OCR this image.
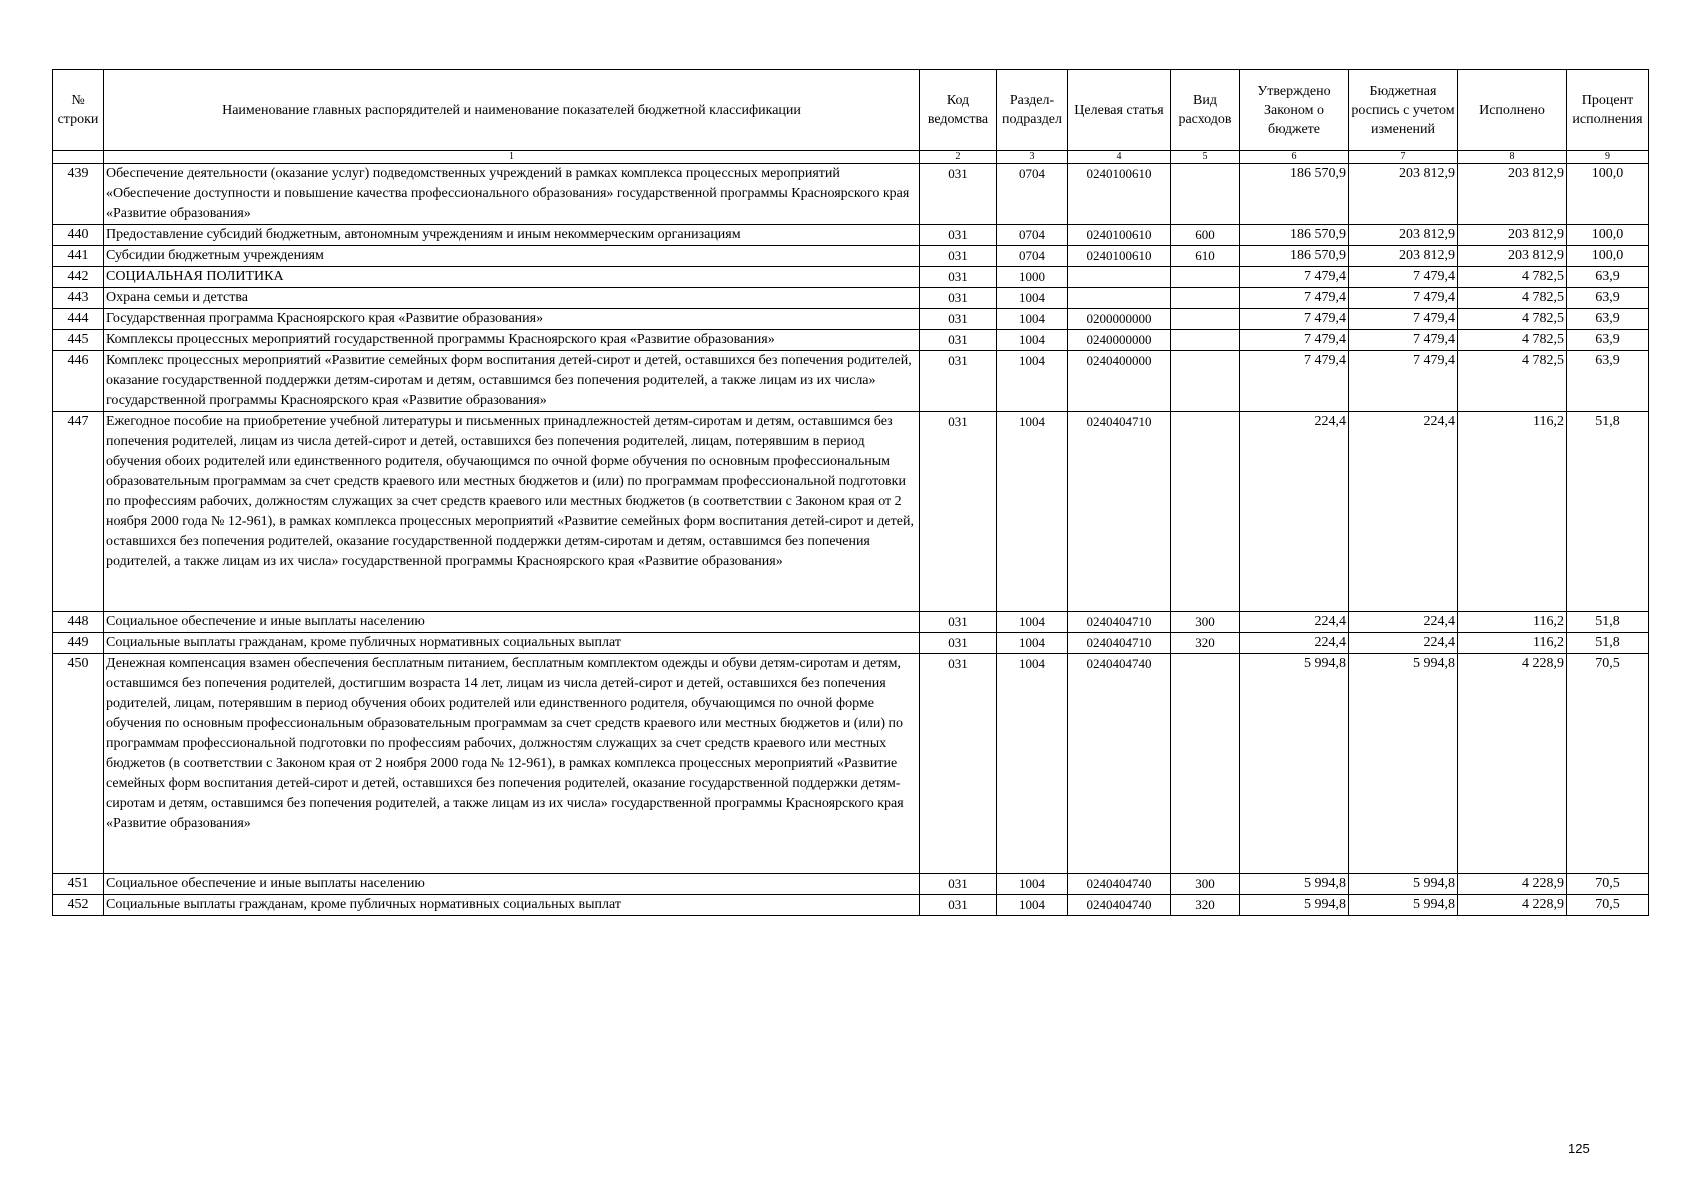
№ строки	Наименование главных распорядителей и наименование показателей бюджетной классификации	Код ведомства	Раздел-подраздел	Целевая статья	Вид расходов	Утверждено Законом о бюджете	Бюджетная роспись с учетом изменений	Исполнено	Процент исполнения
	1	2	3	4	5	6	7	8	9
439	Обеспечение деятельности (оказание услуг) подведомственных учреждений в рамках комплекса процессных мероприятий «Обеспечение доступности и повышение качества профессионального образования» государственной программы Красноярского края «Развитие образования»	031	0704	0240100610		186 570,9	203 812,9	203 812,9	100,0
440	Предоставление субсидий бюджетным, автономным учреждениям и иным некоммерческим организациям	031	0704	0240100610	600	186 570,9	203 812,9	203 812,9	100,0
441	Субсидии бюджетным учреждениям	031	0704	0240100610	610	186 570,9	203 812,9	203 812,9	100,0
442	СОЦИАЛЬНАЯ ПОЛИТИКА	031	1000			7 479,4	7 479,4	4 782,5	63,9
443	Охрана семьи и детства	031	1004			7 479,4	7 479,4	4 782,5	63,9
444	Государственная программа Красноярского края «Развитие образования»	031	1004	0200000000		7 479,4	7 479,4	4 782,5	63,9
445	Комплексы процессных мероприятий государственной программы Красноярского края «Развитие образования»	031	1004	0240000000		7 479,4	7 479,4	4 782,5	63,9
446	Комплекс процессных мероприятий «Развитие семейных форм воспитания детей-сирот и детей, оставшихся без попечения родителей, оказание государственной поддержки детям-сиротам и детям, оставшимся без попечения родителей, а также лицам из их числа» государственной программы Красноярского края «Развитие образования»	031	1004	0240400000		7 479,4	7 479,4	4 782,5	63,9
447	Ежегодное пособие на приобретение учебной литературы и письменных принадлежностей детям-сиротам и детям, оставшимся без попечения родителей, лицам из числа детей-сирот и детей, оставшихся без попечения родителей, лицам, потерявшим в период обучения обоих родителей или единственного родителя, обучающимся по очной форме обучения по основным профессиональным образовательным программам за счет средств краевого или местных бюджетов и (или) по программам профессиональной подготовки по профессиям рабочих, должностям служащих за счет средств краевого или местных бюджетов (в соответствии с Законом края от 2 ноября 2000 года № 12-961), в рамках комплекса процессных мероприятий «Развитие семейных форм воспитания детей-сирот и детей, оставшихся без попечения родителей, оказание государственной поддержки детям-сиротам и детям, оставшимся без попечения родителей, а также лицам из их числа» государственной программы Красноярского края «Развитие образования»	031	1004	0240404710		224,4	224,4	116,2	51,8
448	Социальное обеспечение и иные выплаты населению	031	1004	0240404710	300	224,4	224,4	116,2	51,8
449	Социальные выплаты гражданам, кроме публичных нормативных социальных выплат	031	1004	0240404710	320	224,4	224,4	116,2	51,8
450	Денежная компенсация взамен обеспечения бесплатным питанием, бесплатным комплектом одежды и обуви детям-сиротам и детям, оставшимся без попечения родителей, достигшим возраста 14 лет, лицам из числа детей-сирот и детей, оставшихся без попечения родителей, лицам, потерявшим в период обучения обоих родителей или единственного родителя, обучающимся по очной форме обучения по основным профессиональным образовательным программам за счет средств краевого или местных бюджетов и (или) по программам профессиональной подготовки по профессиям рабочих, должностям служащих за счет средств краевого или местных бюджетов (в соответствии с Законом края от 2 ноября 2000 года № 12-961), в рамках комплекса процессных мероприятий «Развитие семейных форм воспитания детей-сирот и детей, оставшихся без попечения родителей, оказание государственной поддержки детям-сиротам и детям, оставшимся без попечения родителей, а также лицам из их числа» государственной программы Красноярского края «Развитие образования»	031	1004	0240404740		5 994,8	5 994,8	4 228,9	70,5
451	Социальное обеспечение и иные выплаты населению	031	1004	0240404740	300	5 994,8	5 994,8	4 228,9	70,5
452	Социальные выплаты гражданам, кроме публичных нормативных социальных выплат	031	1004	0240404740	320	5 994,8	5 994,8	4 228,9	70,5
125
